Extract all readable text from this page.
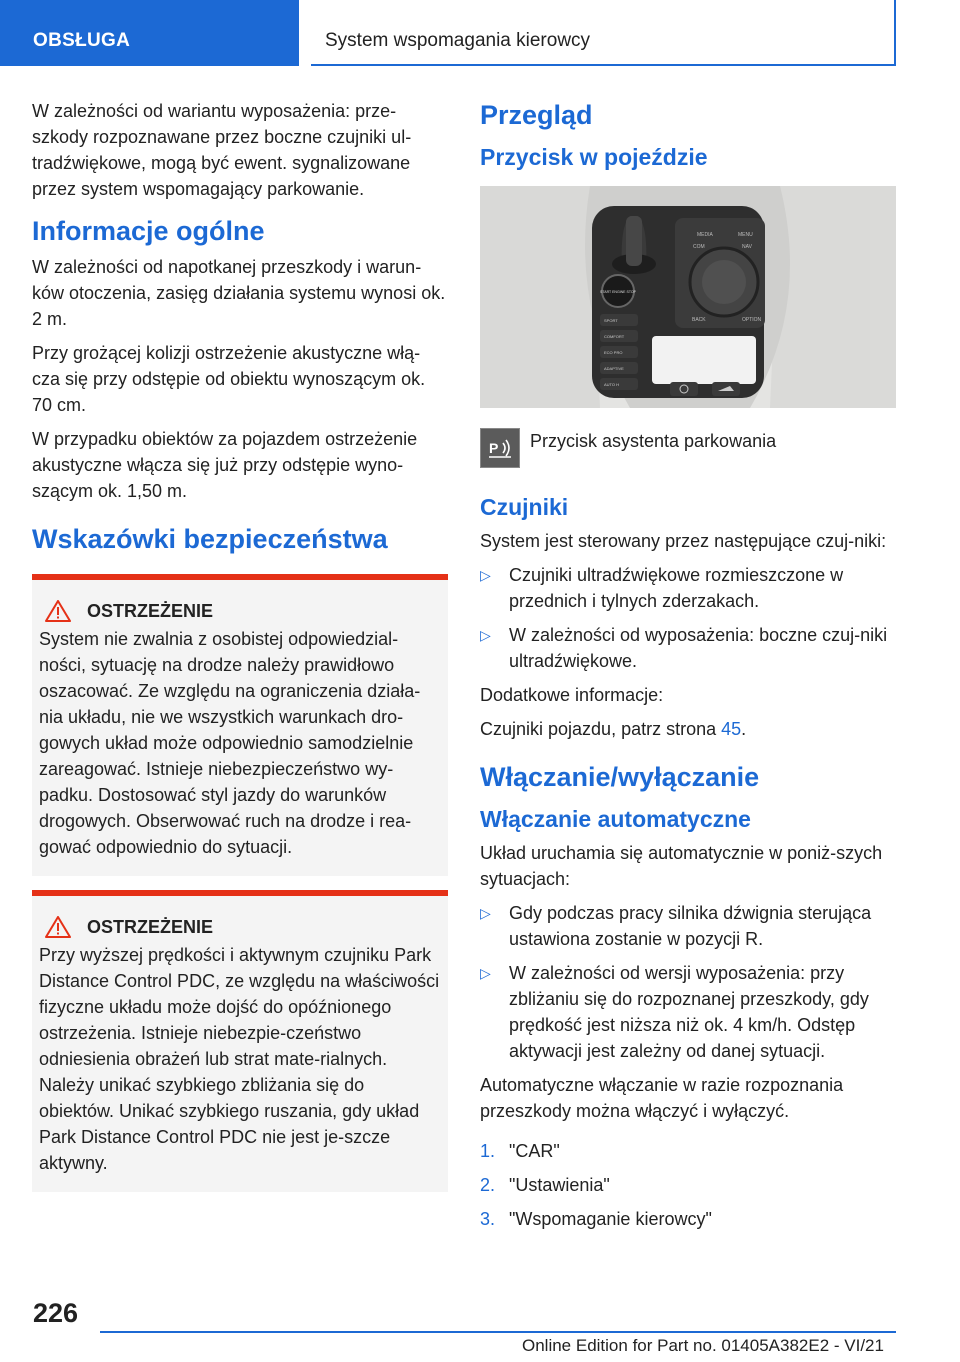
OBSŁUGA	System wspomagania kierowcy

W zależności od wariantu wyposażenia: prze-szkody rozpoznawane przez boczne czujniki ul-tradźwiękowe, mogą być ewent. sygnalizowane przez system wspomagający parkowanie.

Informacje ogólne

W zależności od napotkanej przeszkody i warun-ków otoczenia, zasięg działania systemu wynosi ok. 2 m.

Przy grożącej kolizji ostrzeżenie akustyczne włą-cza się przy odstępie od obiektu wynoszącym ok. 70 cm.

W przypadku obiektów za pojazdem ostrzeżenie akustyczne włącza się już przy odstępie wyno-szącym ok. 1,50 m.

Wskazówki bezpieczeństwa
OSTRZEŻENIE

System nie zwalnia z osobistej odpowiedzial-ności, sytuację na drodze należy prawidłowo oszacować. Ze względu na ograniczenia działa-nia układu, nie we wszystkich warunkach dro-gowych układ może odpowiednio samodzielnie zareagować. Istnieje niebezpieczeństwo wy-padku. Dostosować styl jazdy do warunków drogowych. Obserwować ruch na drodze i rea-gować odpowiednio do sytuacji.

OSTRZEŻENIE

Przy wyższej prędkości i aktywnym czujniku Park Distance Control PDC, ze względu na właściwości fizyczne układu może dojść do opóźnionego ostrzeżenia. Istnieje niebezpie-czeństwo odniesienia obrażeń lub strat mate-rialnych. Należy unikać szybkiego zbliżania się do obiektów. Unikać szybkiego ruszania, gdy układ Park Distance Control PDC nie jest je-szcze aktywny.

Przegląd
Przycisk w pojeździe
MEDIA	MENU
COM	NAV
BACK	OPTION
START ENGINE STOP
SPORT
COMFORT
ECO PRO
ADAPTIVE
AUTO H
P Przycisk asystenta parkowania
Czujniki

System jest sterowany przez następujące czuj-niki:

▷ Czujniki ultradźwiękowe rozmieszczone w przednich i tylnych zderzakach.
▷ W zależności od wyposażenia: boczne czuj-niki ultradźwiękowe.

Dodatkowe informacje:

Czujniki pojazdu, patrz strona 45.

Włączanie/wyłączanie
Włączanie automatyczne

Układ uruchamia się automatycznie w poniż-szych sytuacjach:

▷ Gdy podczas pracy silnika dźwignia sterująca ustawiona zostanie w pozycji R.
▷ W zależności od wersji wyposażenia: przy zbliżaniu się do rozpoznanej przeszkody, gdy prędkość jest niższa niż ok. 4 km/h. Odstęp aktywacji jest zależny od danej sytuacji.

Automatyczne włączanie w razie rozpoznania przeszkody można włączyć i wyłączyć.

1. "CAR"
2. "Ustawienia"
3. "Wspomaganie kierowcy"
226
Online Edition for Part no. 01405A382E2 - VI/21
